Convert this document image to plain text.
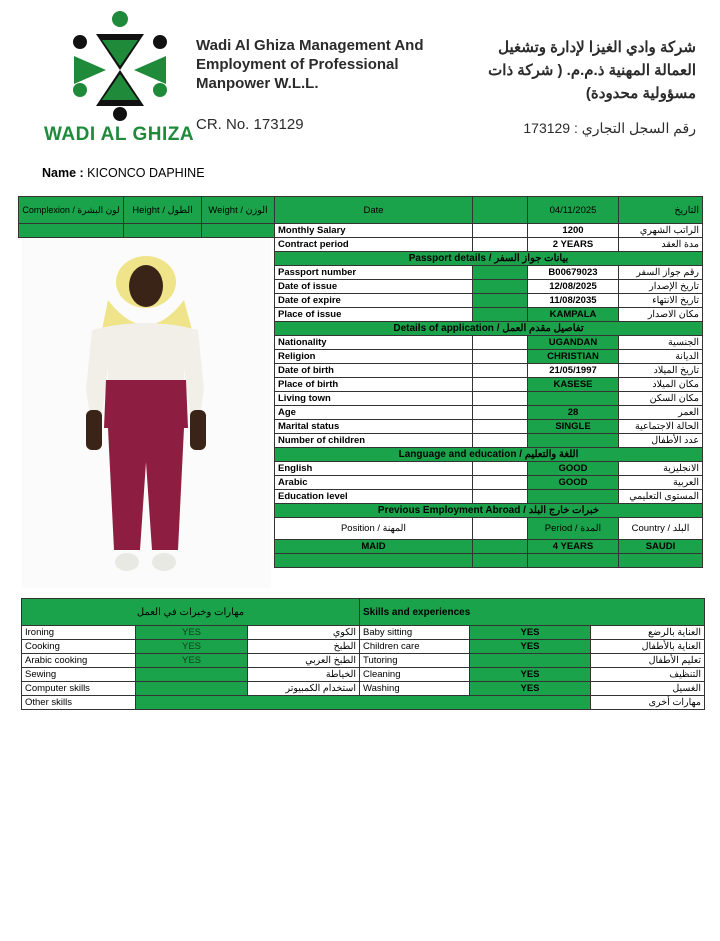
WADI AL GHIZA
Wadi Al Ghiza Management And Employment of Professional Manpower W.L.L.
CR. No. 173129
شركة وادي الغيزا لإدارة وتشغيل العمالة المهنية ذ.م.م. ( شركة ذات مسؤولية محدودة)
رقم السجل التجاري : 173129
Name : KICONCO DAPHINE
Complexion / لون البشرة	Height / الطول	Weight / الوزن	Date		04/11/2025	التاريخ
			Monthly Salary		1200	الراتب الشهري
			Contract period		2 YEARS	مدة العقد
			Passport details / بيانات جواز السفر			
			Passport number		B00679023	رقم جواز السفر
			Date of issue		12/08/2025	تاريخ الإصدار
			Date of expire		11/08/2035	تاريخ الانتهاء
			Place of issue		KAMPALA	مكان الاصدار
			Details of application / تفاصيل مقدم العمل			
			Nationality		UGANDAN	الجنسية
			Religion		CHRISTIAN	الديانة
			Date of birth		21/05/1997	تاريخ الميلاد
			Place of birth		KASESE	مكان الميلاد
			Living town			مكان السكن
			Age		28	العمر
			Marital status		SINGLE	الحالة الاجتماعية
			Number of children			عدد الأطفال
			Language and education / اللغة والتعليم			
			English		GOOD	الانجليزية
			Arabic		GOOD	العربية
			Education level			المستوى التعليمي
			Previous Employment Abroad / خبرات خارج البلد			
			Position / المهنة		Period / المدة	Country / البلد
			MAID		4 YEARS	SAUDI

مهارات وخبرات في العمل			Skills and experiences		
Ironing	YES	الكوي	Baby sitting	YES	العناية بالرضع
Cooking	YES	الطبخ	Children care	YES	العناية بالأطفال
Arabic cooking	YES	الطبخ العربي	Tutoring		تعليم الأطفال
Sewing		الخياطة	Cleaning	YES	التنظيف
Computer skills		استخدام الكمبيوتر	Washing	YES	الغسيل
Other skills					مهارات أخرى
